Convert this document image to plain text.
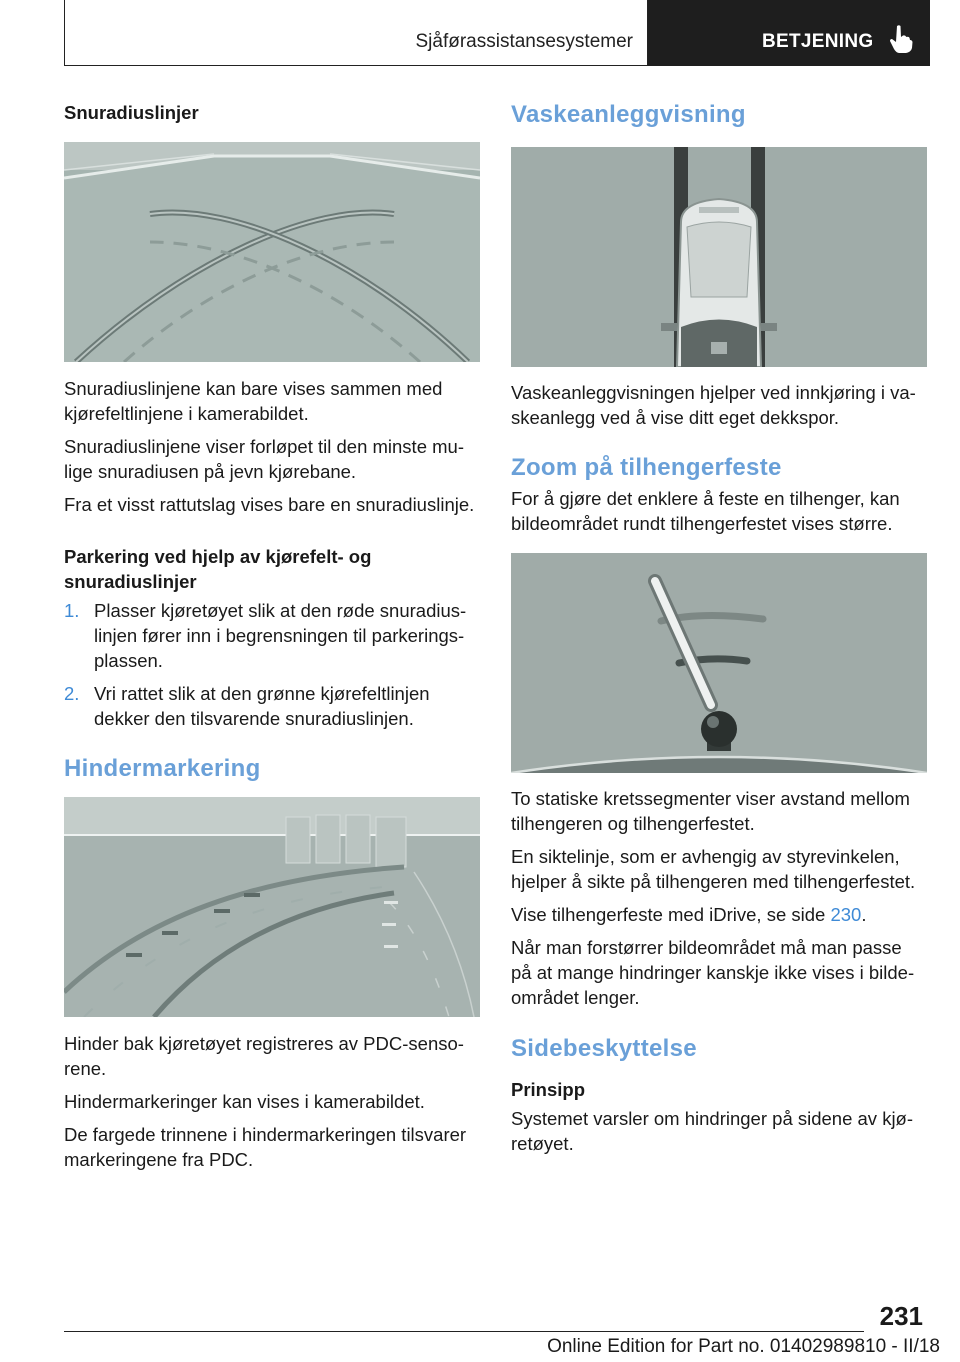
Sjåførassistansesystemer	BETJENING
Snuradiuslinjer

Snuradiuslinjene kan bare vises sammen med kjørefeltlinjene i kamerabildet.

Snuradiuslinjene viser forløpet til den minste mulige snuradiusen på jevn kjørebane.

Fra et visst rattutslag vises bare en snuradiuslinje.

Parkering ved hjelp av kjørefelt- og snuradiuslinjer
1. Plasser kjøretøyet slik at den røde snuradiuslinjen fører inn i begrensningen til parkeringsplassen.
2. Vri rattet slik at den grønne kjørefeltlinjen dekker den tilsvarende snuradiuslinjen.
Hindermarkering

Hinder bak kjøretøyet registreres av PDC-sensorene.

Hindermarkeringer kan vises i kamerabildet.

De fargede trinnene i hindermarkeringen tilsvarer markeringene fra PDC.

Vaskeanleggvisning

Vaskeanleggvisningen hjelper ved innkjøring i vaskeanlegg ved å vise ditt eget dekkspor.

Zoom på tilhengerfeste

For å gjøre det enklere å feste en tilhenger, kan bildeområdet rundt tilhengerfestet vises større.

To statiske kretssegmenter viser avstand mellom tilhengeren og tilhengerfestet.

En siktelinje, som er avhengig av styrevinkelen, hjelper å sikte på tilhengeren med tilhengerfestet.

Vise tilhengerfeste med iDrive, se side 230.

Når man forstørrer bildeområdet må man passe på at mange hindringer kanskje ikke vises i bildeområdet lenger.

Sidebeskyttelse
Prinsipp

Systemet varsler om hindringer på sidene av kjøretøyet.

231
Online Edition for Part no. 01402989810 - II/18
